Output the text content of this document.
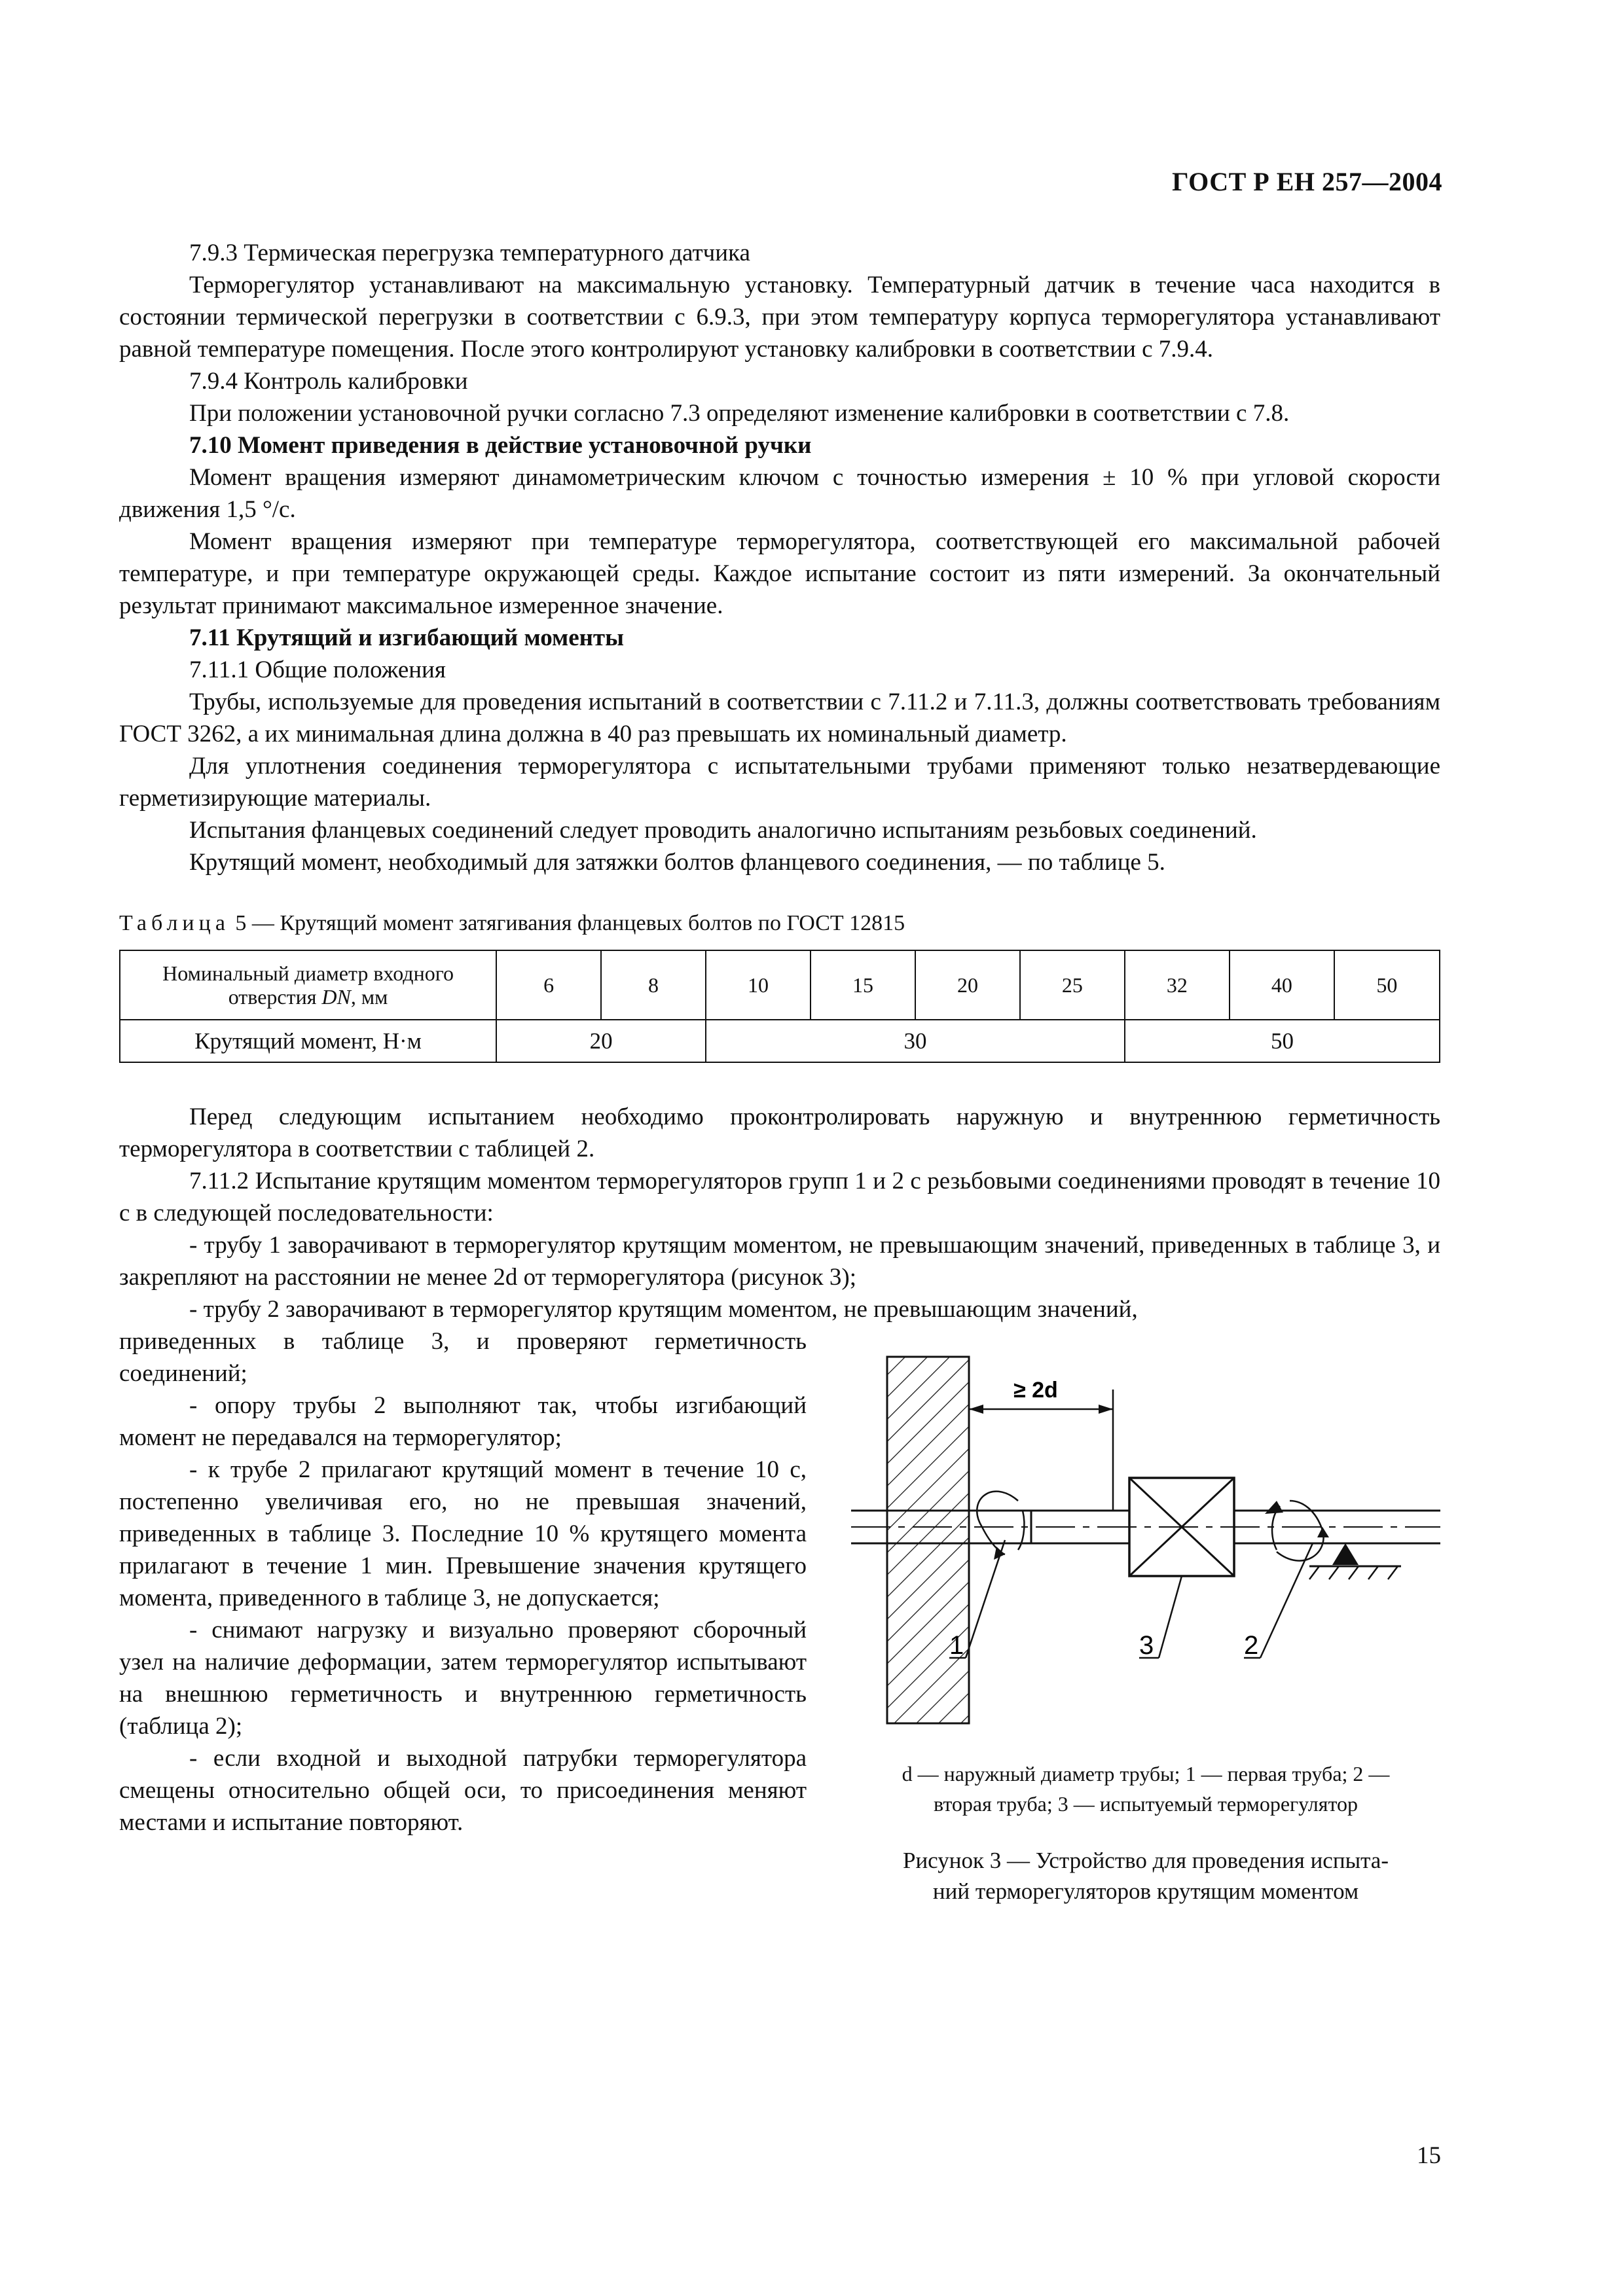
ГОСТ Р ЕН 257—2004

7.9.3 Термическая перегрузка температурного датчика

Терморегулятор устанавливают на максимальную установку. Температурный датчик в течение часа находится в состоянии термической перегрузки в соответствии с 6.9.3, при этом температуру корпуса терморегулятора устанавливают равной температуре помещения. После этого контролируют установку калибровки в соответствии с 7.9.4.

7.9.4 Контроль калибровки

При положении установочной ручки согласно 7.3 определяют изменение калибровки в соответствии с 7.8.

7.10 Момент приведения в действие установочной ручки

Момент вращения измеряют динамометрическим ключом с точностью измерения ± 10 % при угловой скорости движения 1,5 °/с.

Момент вращения измеряют при температуре терморегулятора, соответствующей его максимальной рабочей температуре, и при температуре окружающей среды. Каждое испытание состоит из пяти измерений. За окончательный результат принимают максимальное измеренное значение.

7.11 Крутящий и изгибающий моменты

7.11.1 Общие положения

Трубы, используемые для проведения испытаний в соответствии с 7.11.2 и 7.11.3, должны соответствовать требованиям ГОСТ 3262, а их минимальная длина должна в 40 раз превышать их номинальный диаметр.

Для уплотнения соединения терморегулятора с испытательными трубами применяют только незатвердевающие герметизирующие материалы.

Испытания фланцевых соединений следует проводить аналогично испытаниям резьбовых соединений.

Крутящий момент, необходимый для затяжки болтов фланцевого соединения, — по таблице 5.

Таблица 5 — Крутящий момент затягивания фланцевых болтов по ГОСТ 12815

Номинальный диаметр входного
отверстия DN, мм	6	8	10	15	20	25	32	40	50
Крутящий момент, Н·м	20		30				50		

Перед следующим испытанием необходимо проконтролировать наружную и внутреннюю герметичность терморегулятора в соответствии с таблицей 2.

7.11.2 Испытание крутящим моментом терморегуляторов групп 1 и 2 с резьбовыми соединениями проводят в течение 10 с в следующей последовательности:

- трубу 1 заворачивают в терморегулятор крутящим моментом, не превышающим значений, приведенных в таблице 3, и закрепляют на расстоянии не менее 2d от терморегулятора (рисунок 3);

- трубу 2 заворачивают в терморегулятор крутящим моментом, не превышающим значений,

приведенных в таблице 3, и проверяют герметичность соединений;

- опору трубы 2 выполняют так, чтобы изгибающий момент не передавался на терморегулятор;

- к трубе 2 прилагают крутящий момент в течение 10 с, постепенно увеличивая его, но не превышая значений, приведенных в таблице 3. Последние 10 % крутящего момента прилагают в течение 1 мин. Превышение значения крутящего момента, приведенного в таблице 3, не допускается;

- снимают нагрузку и визуально проверяют сборочный узел на наличие деформации, затем терморегулятор испытывают на внешнюю герметичность и внутреннюю герметичность (таблица 2);

- если входной и выходной патрубки терморегулятора смещены относительно общей оси, то присоединения меняют местами и испытание повторяют.

≥ 2d
1	3	2
d — наружный диаметр трубы; 1 — первая труба; 2 —
вторая труба; 3 — испытуемый терморегулятор
Рисунок 3 — Устройство для проведения испыта-
ний терморегуляторов крутящим моментом
15
